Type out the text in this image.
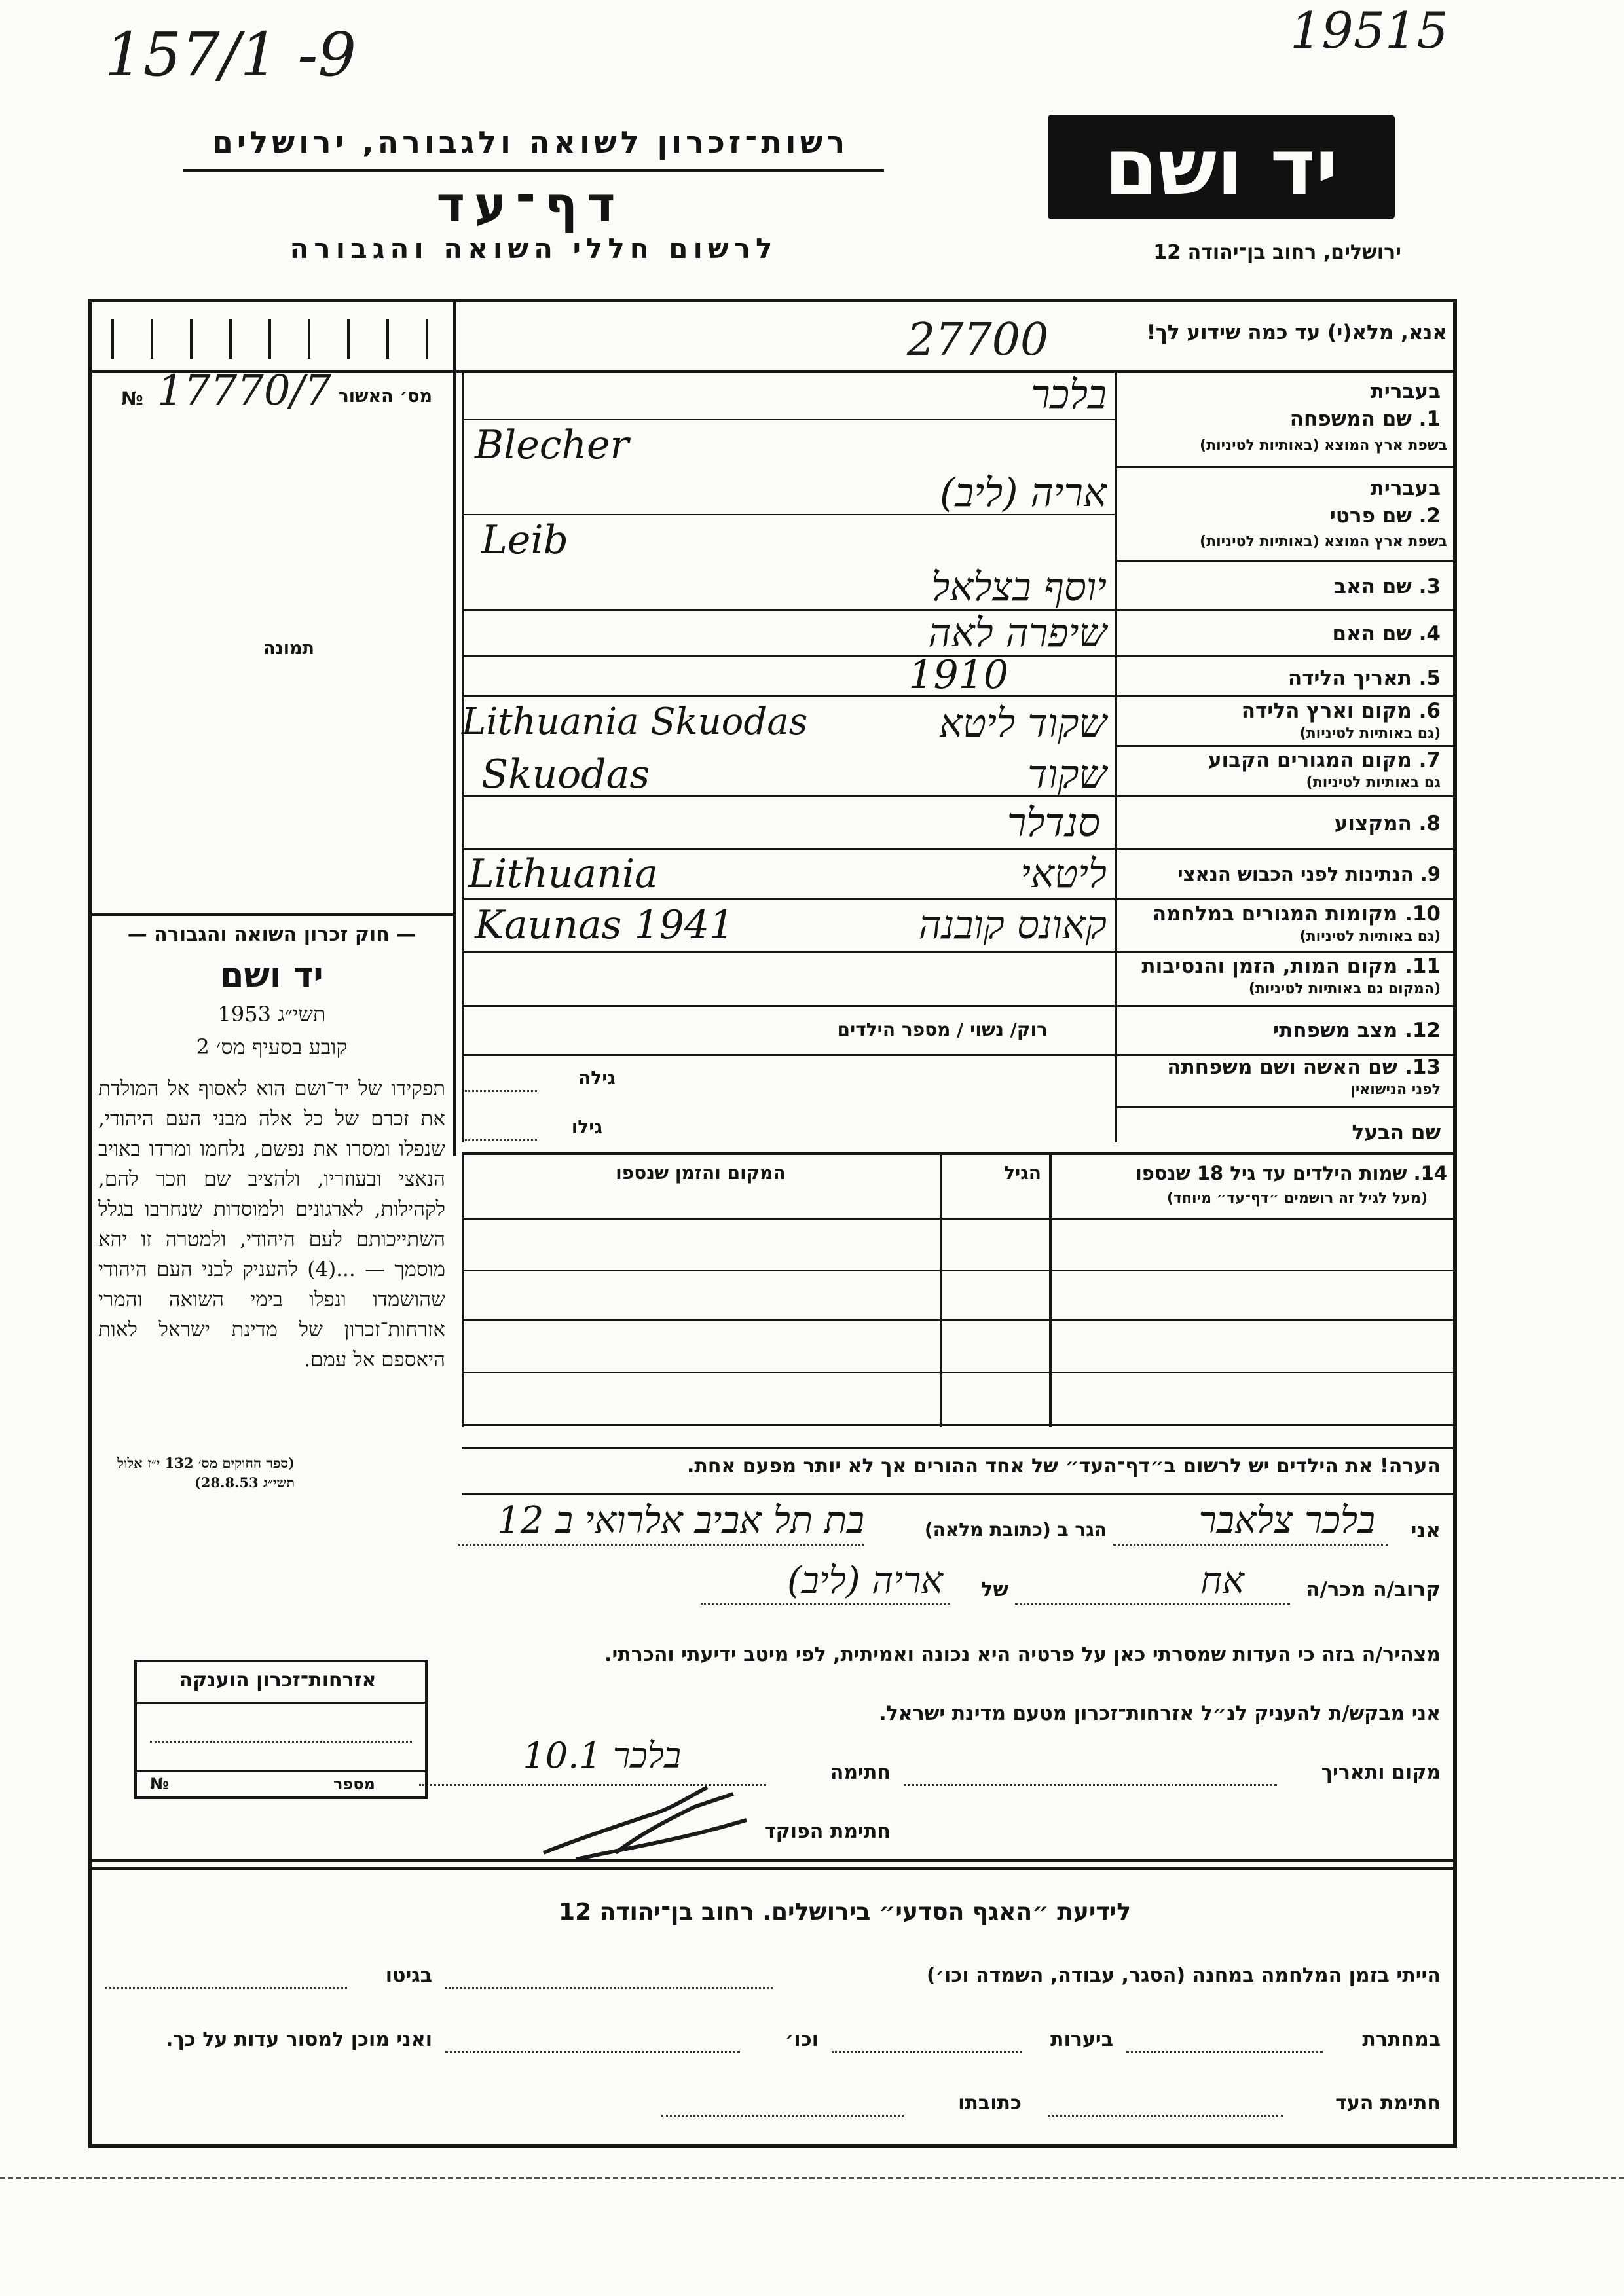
157/1 -9	19515
יד ושם
רשות־זכרון לשואה ולגבורה, ירושלים
דף־עד
לרשום חללי השואה והגבורה	ירושלים, רחוב בן־יהודה 12
№ 17770/7 מס׳ האשור
תמונה
— חוק זכרון השואה והגבורה —
יד ושם
תשי״ג 1953
קובע בסעיף מס׳ 2
תפקידו של יד־ושם הוא לאסוף אל המולדת את זכרם של כל אלה מבני העם היהודי, שנפלו ומסרו את נפשם, נלחמו ומרדו באויב הנאצי ובעוזריו, ולהציב שם וזכר להם, לקהילות, לארגונים ולמוסדות שנחרבו בגלל השתייכותם לעם היהודי, ולמטרה זו יהא מוסמך — ...(4) להעניק לבני העם היהודי שהושמדו ונפלו בימי השואה והמרי אזרחות־זכרון של מדינת ישראל לאות היאספם אל עמם.
(ספר החוקים מס׳ 132 י״ז אלול תשי״ג 28.8.53)
אנא, מלא(י) עד כמה שידוע לך!
27700
בעברית
1. שם המשפחה
בשפת ארץ המוצא (באותיות לטיניות)
בלכר
Blecher
בעברית
2. שם פרטי
בשפת ארץ המוצא (באותיות לטיניות)
אריה (ליב)
Leib
3. שם האב
יוסף בצלאל
4. שם האם
שיפרה לאה
5. תאריך הלידה
1910
6. מקום וארץ הלידה
(גם באותיות לטיניות)
Lithuania Skuodas	שקוד ליטא
7. מקום המגורים הקבוע
גם באותיות לטיניות)
Skuodas	שקוד
8. המקצוע
סנדלר
9. הנתינות לפני הכבוש הנאצי
Lithuania	ליטאי
10. מקומות המגורים במלחמה
(גם באותיות לטיניות)
Kaunas 1941	קאונס קובנה
11. מקום המות, הזמן והנסיבות
(המקום גם באותיות לטיניות)
12. מצב משפחתי
רוק/ נשוי / מספר הילדים
13. שם האשה ושם משפחתה
לפני הנישואין
גילה
שם הבעל
גילו
14. שמות הילדים עד גיל 18 שנספו
(מעל לגיל זה רושמים ״דף־עד״ מיוחד)
הגיל
המקום והזמן שנספו
הערה! את הילדים יש לרשום ב״דף־העד״ של אחד ההורים אך לא יותר מפעם אחת.
אני
בלכר צלאבר
הגר ב (כתובת מלאה)
בת תל אביב אלרואי ב 12
קרוב/ה מכר/ה
אח
של
אריה (ליב)
מצהיר/ה בזה כי העדות שמסרתי כאן על פרטיה היא נכונה ואמיתית, לפי מיטב ידיעתי והכרתי.
אני מבקש/ת להעניק לנ״ל אזרחות־זכרון מטעם מדינת ישראל.
מקום ותאריך
חתימה
בלכר 10.1
חתימת הפוקד
אזרחות־זכרון הוענקה
№	מספר
לידיעת ״האגף הסדעי״ בירושלים. רחוב בן־יהודה 12
הייתי בזמן המלחמה במחנה (הסגר, עבודה, השמדה וכו׳)
בגיטו
במחתרת
ביערות
וכו׳
ואני מוכן למסור עדות על כך.
חתימת העד
כתובתו
